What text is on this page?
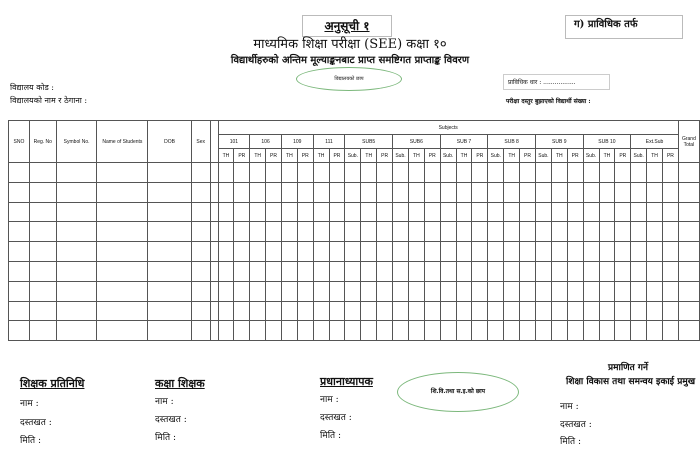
अनुसूची १	ग) प्राविधिक तर्फ
माध्यमिक शिक्षा परीक्षा (SEE) कक्षा १०
विद्यार्थीहरुको अन्तिम मूल्याङ्कनबाट प्राप्त समष्टिगत प्राप्ताङ्क विवरण
विद्यालयको छाप
विद्यालय कोड :
विद्यालयको नाम र ठेगाना :
प्राविधिक धार : .................
परीक्षा दस्तुर बुझाएको विद्यार्थी संख्या :
SNO	Reg. No	Symbol​ No.	Name of Students	DOB	Sex		Subjects																													Grand Total
							101		106		109		111		SUB5			SUB6			SUB 7			SUB 8			SUB 9			SUB 10			Ext.Sub			
							TH	PR	TH	PR	TH	PR	TH	PR	Sub.	TH	PR	Sub.	TH	PR	Sub.	TH	PR	Sub.	TH	PR	Sub.	TH	PR	Sub.	TH	PR	Sub.	TH	PR	

शिक्षक प्रतिनिधि
नाम :
दस्तखत :
मिति :
कक्षा शिक्षक
नाम :
दस्तखत :
मिति :
प्रधानाध्यापक
नाम :
दस्तखत :
मिति :
शि.वि.तथा स.इ.को छाप
प्रमाणित गर्ने
शिक्षा विकास तथा समन्वय इकाई प्रमुख
नाम :
दस्तखत :
मिति :
